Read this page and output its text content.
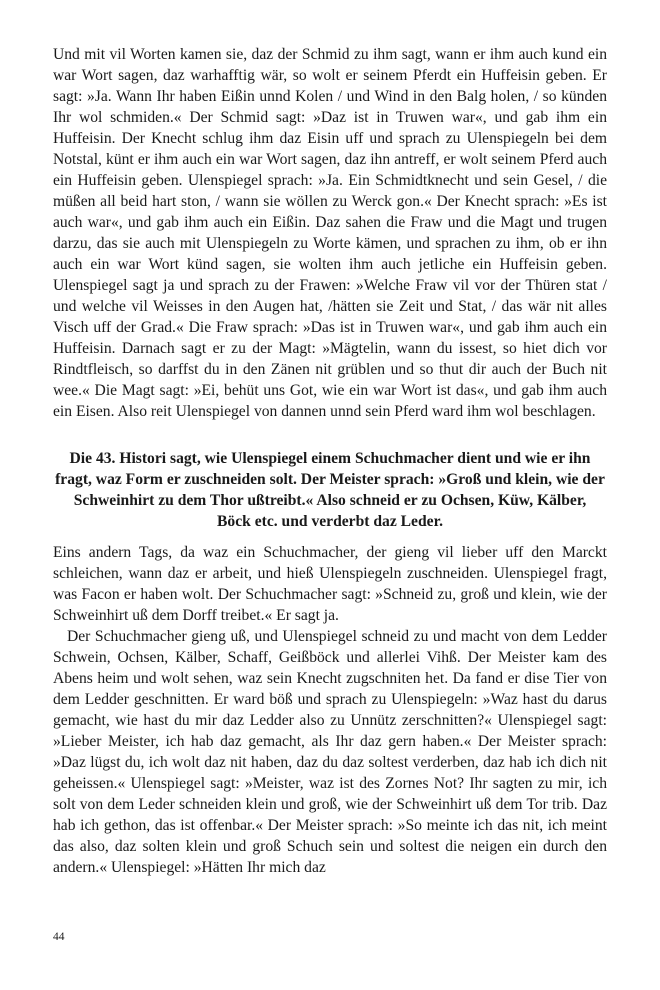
Und mit vil Worten kamen sie, daz der Schmid zu ihm sagt, wann er ihm auch kund ein war Wort sagen, daz warhafftig wär, so wolt er seinem Pferdt ein Huffeisin geben. Er sagt: »Ja. Wann Ihr haben Eißin unnd Kolen / und Wind in den Balg holen, / so künden Ihr wol schmiden.« Der Schmid sagt: »Daz ist in Truwen war«, und gab ihm ein Huffeisin. Der Knecht schlug ihm daz Eisin uff und sprach zu Ulenspiegeln bei dem Notstal, künt er ihm auch ein war Wort sagen, daz ihn antreff, er wolt seinem Pferd auch ein Huffeisin geben. Ulenspiegel sprach: »Ja. Ein Schmidtknecht und sein Gesel, / die müßen all beid hart ston, / wann sie wöllen zu Werck gon.« Der Knecht sprach: »Es ist auch war«, und gab ihm auch ein Eißin. Daz sahen die Fraw und die Magt und trugen darzu, das sie auch mit Ulenspiegeln zu Worte kämen, und sprachen zu ihm, ob er ihn auch ein war Wort künd sagen, sie wolten ihm auch jetliche ein Huffeisin geben. Ulenspiegel sagt ja und sprach zu der Frawen: »Welche Fraw vil vor der Thüren stat / und welche vil Weisses in den Augen hat, /hätten sie Zeit und Stat, / das wär nit alles Visch uff der Grad.« Die Fraw sprach: »Das ist in Truwen war«, und gab ihm auch ein Huffeisin. Darnach sagt er zu der Magt: »Mägtelin, wann du issest, so hiet dich vor Rindtfleisch, so darffst du in den Zänen nit grüblen und so thut dir auch der Buch nit wee.« Die Magt sagt: »Ei, behüt uns Got, wie ein war Wort ist das«, und gab ihm auch ein Eisen. Also reit Ulenspiegel von dannen unnd sein Pferd ward ihm wol beschlagen.

Die 43. Histori sagt, wie Ulenspiegel einem Schuchmacher dient und wie er ihn fragt, waz Form er zuschneiden solt. Der Meister sprach: »Groß und klein, wie der Schweinhirt zu dem Thor ußtreibt.« Also schneid er zu Ochsen, Küw, Kälber, Böck etc. und verderbt daz Leder.

Eins andern Tags, da waz ein Schuchmacher, der gieng vil lieber uff den Marckt schleichen, wann daz er arbeit, und hieß Ulenspiegeln zuschneiden. Ulenspiegel fragt, was Facon er haben wolt. Der Schuchmacher sagt: »Schneid zu, groß und klein, wie der Schweinhirt uß dem Dorff treibet.« Er sagt ja.

Der Schuchmacher gieng uß, und Ulenspiegel schneid zu und macht von dem Ledder Schwein, Ochsen, Kälber, Schaff, Geißböck und allerlei Vihß. Der Meister kam des Abens heim und wolt sehen, waz sein Knecht zugschniten het. Da fand er dise Tier von dem Ledder geschnitten. Er ward böß und sprach zu Ulenspiegeln: »Waz hast du darus gemacht, wie hast du mir daz Ledder also zu Unnütz zerschnitten?« Ulenspiegel sagt: »Lieber Meister, ich hab daz gemacht, als Ihr daz gern haben.« Der Meister sprach: »Daz lügst du, ich wolt daz nit haben, daz du daz soltest verderben, daz hab ich dich nit geheissen.« Ulenspiegel sagt: »Meister, waz ist des Zornes Not? Ihr sagten zu mir, ich solt von dem Leder schneiden klein und groß, wie der Schweinhirt uß dem Tor trib. Daz hab ich gethon, das ist offenbar.« Der Meister sprach: »So meinte ich das nit, ich meint das also, daz solten klein und groß Schuch sein und soltest die neigen ein durch den andern.« Ulenspiegel: »Hätten Ihr mich daz

44
